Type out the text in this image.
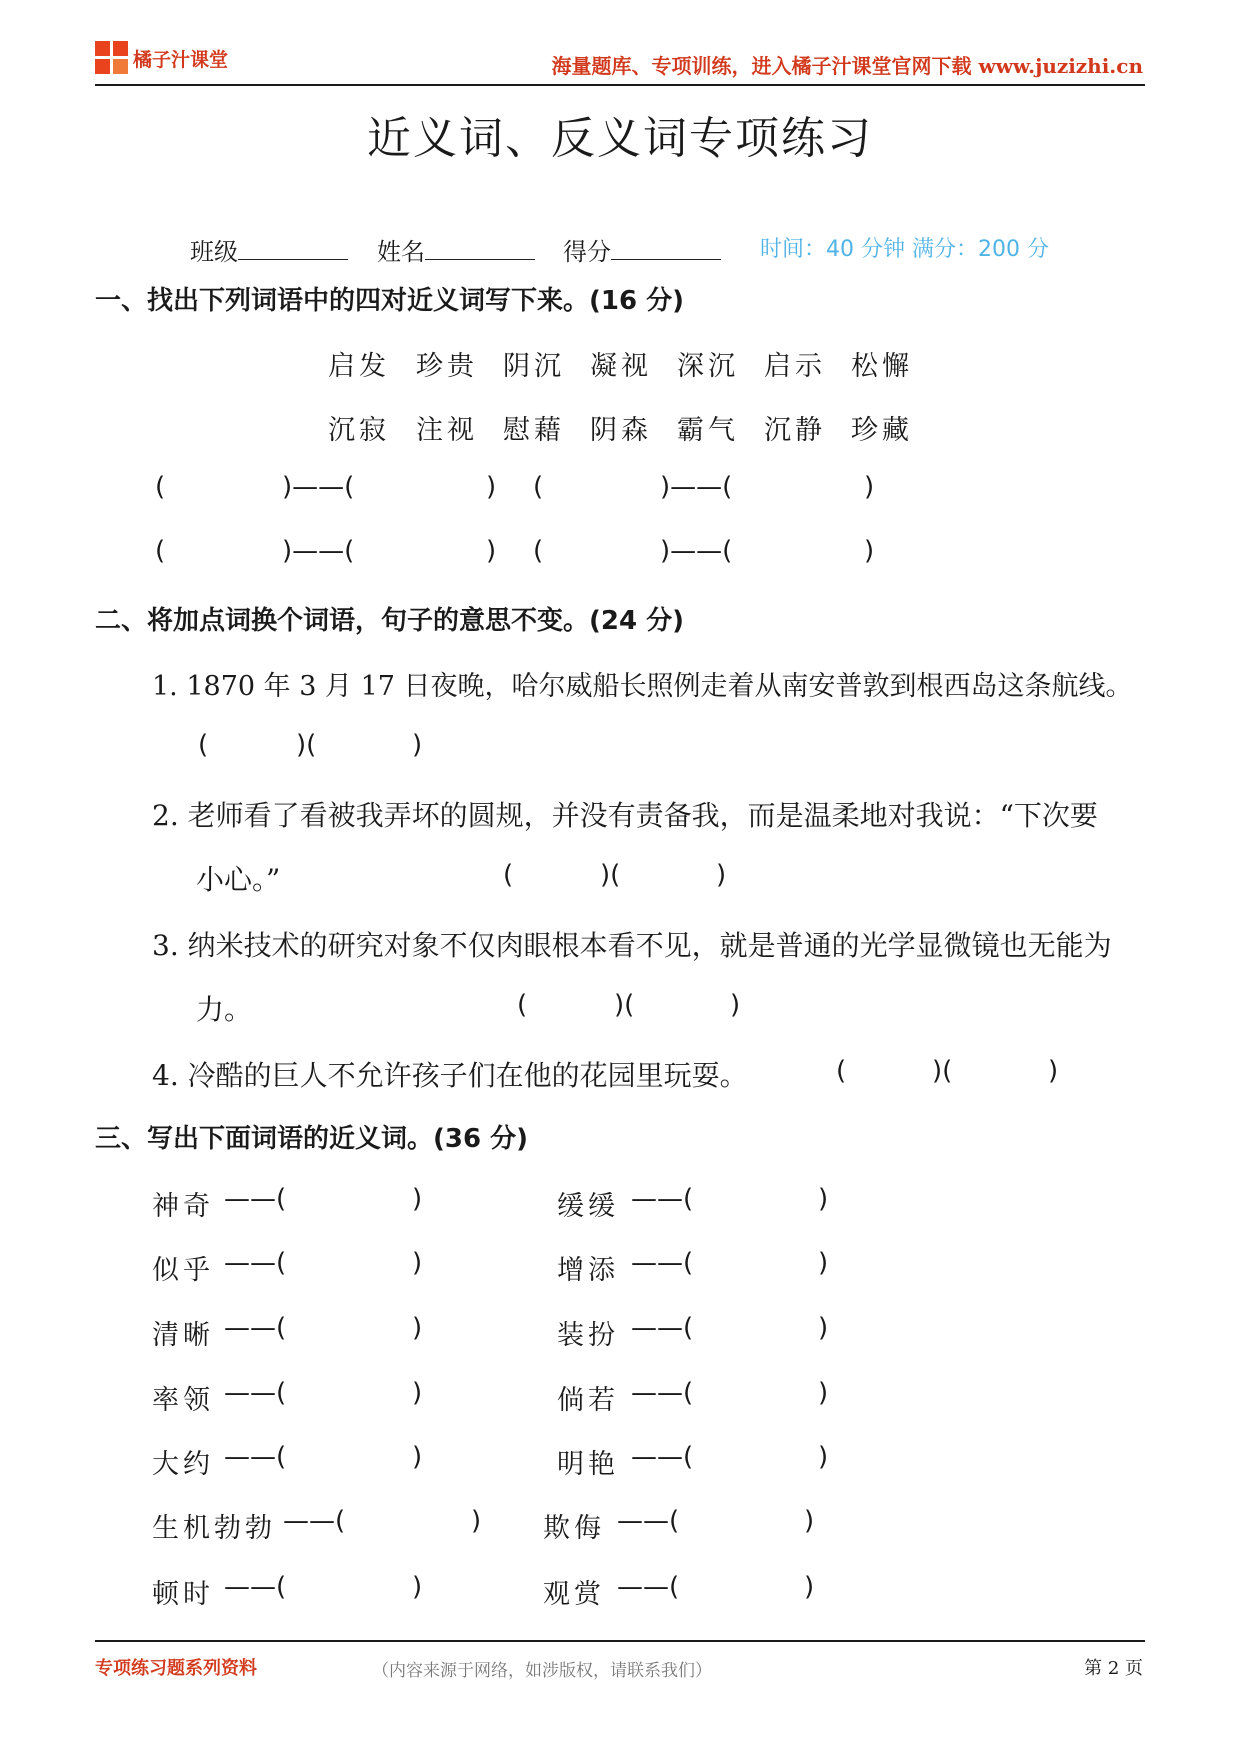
橘子汁课堂	海量题库、专项训练，进入橘子汁课堂官网下载 www.juzizhi.cn
近义词、反义词专项练习
班级	姓名	得分	时间：40 分钟 满分：200 分
一、找出下列词语中的四对近义词写下来。(16 分)
启发 珍贵 阴沉 凝视 深沉 启示 松懈
沉寂 注视 慰藉 阴森 霸气 沉静 珍藏
(	)——(	) (	)——(	)
(	)——(	) (	)——(	)
二、将加点词换个词语，句子的意思不变。(24 分)
1. 1870 年 3 月 17 日夜晚，哈尔威船长照例走着从南安普敦到根西岛这条航线。
(	)(	)
2. 老师看了看被我弄坏的圆规，并没有责备我，而是温柔地对我说：“下次要
小心。”	(	)(	)
3. 纳米技术的研究对象不仅肉眼根本看不见，就是普通的光学显微镜也无能为
力。	(	)(	)
4. 冷酷的巨人不允许孩子们在他的花园里玩耍。	(	)(	)
三、写出下面词语的近义词。(36 分)
神奇 ——(	)	缓缓 ——(	)
似乎 ——(	)	增添 ——(	)
清晰 ——(	)	装扮 ——(	)
率领 ——(	)	倘若 ——(	)
大约 ——(	)	明艳 ——(	)
生机勃勃 ——(	) 欺侮 ——(	)
顿时 ——(	)	观赏 ——(	)
专项练习题系列资料	（内容来源于网络，如涉版权，请联系我们）	第 2 页
